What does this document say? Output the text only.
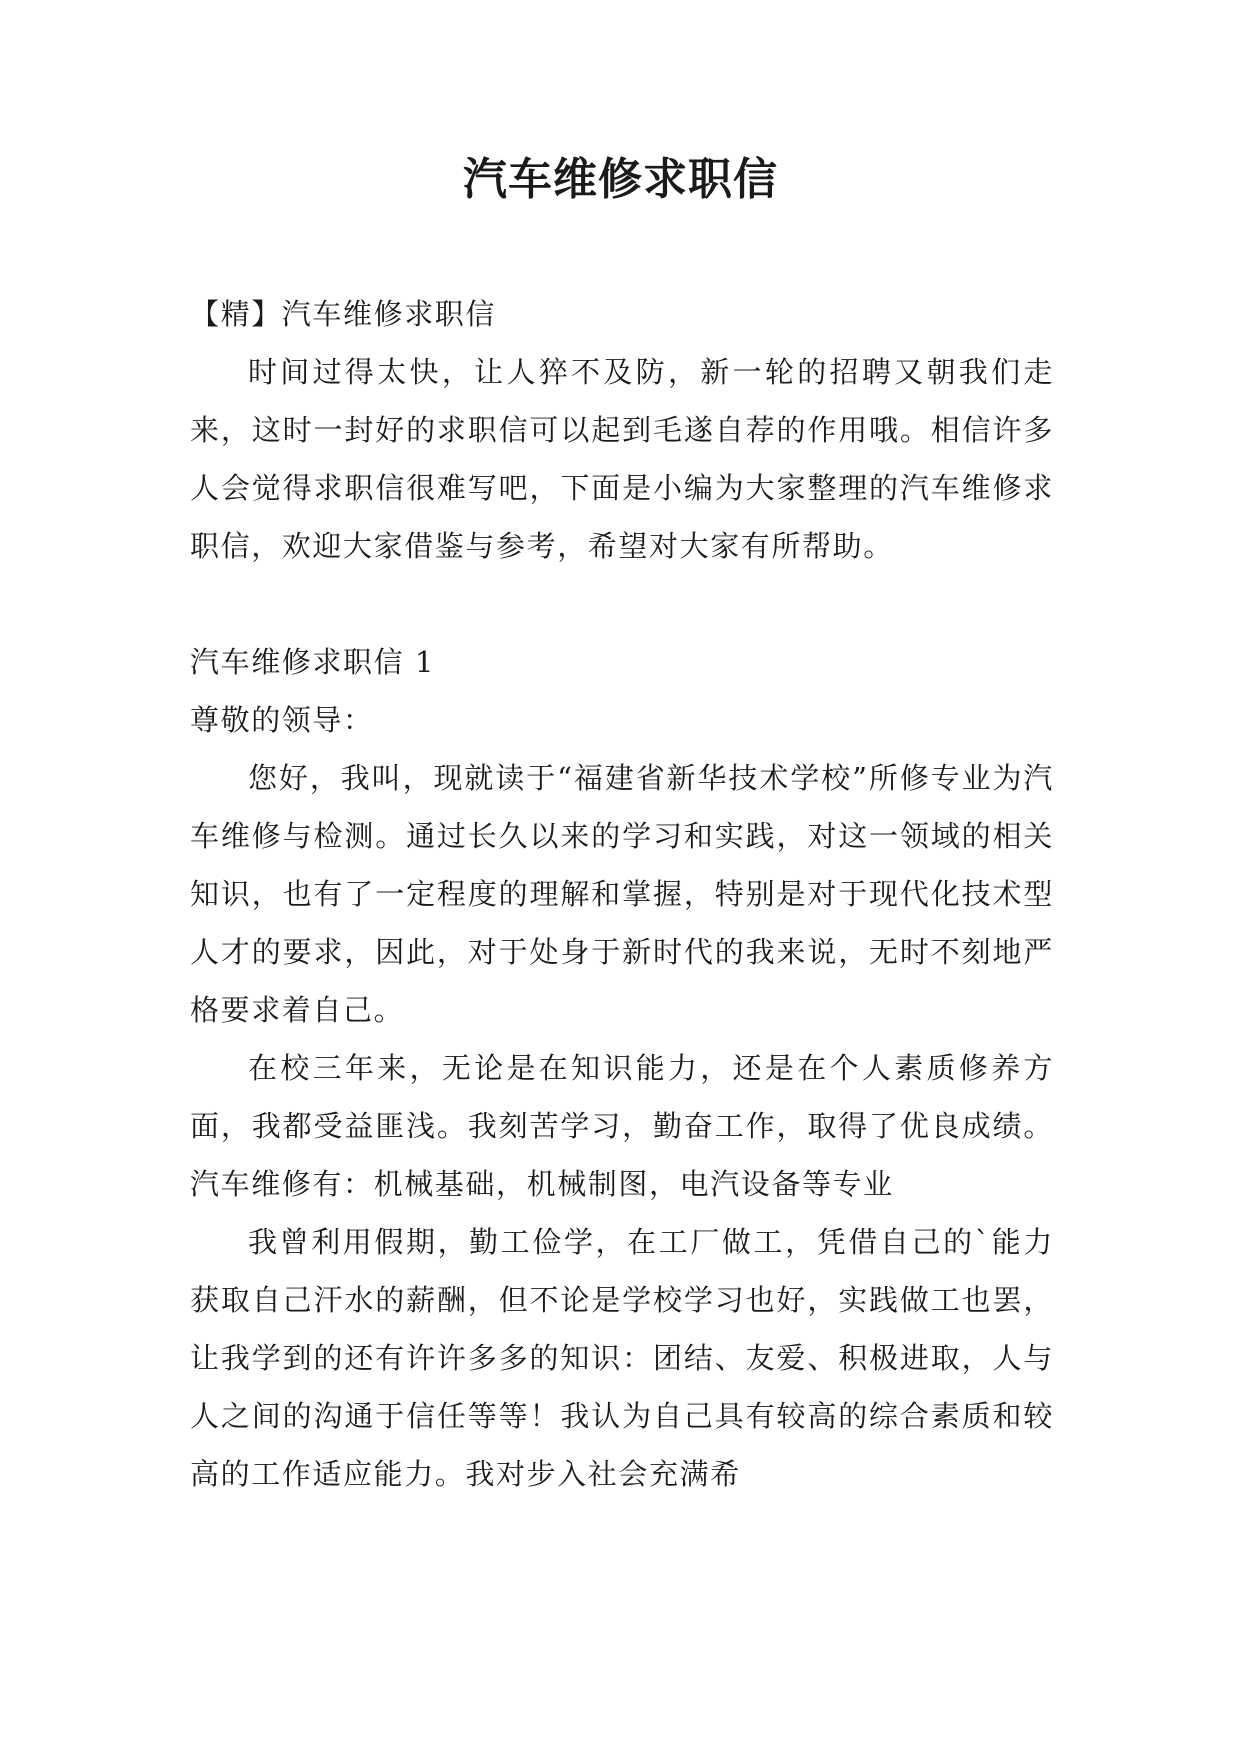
汽车维修求职信

【精】汽车维修求职信

时间过得太快，让人猝不及防，新一轮的招聘又朝我们走来，这时一封好的求职信可以起到毛遂自荐的作用哦。相信许多人会觉得求职信很难写吧，下面是小编为大家整理的汽车维修求职信，欢迎大家借鉴与参考，希望对大家有所帮助。

汽车维修求职信 1

尊敬的领导：

您好，我叫，现就读于“福建省新华技术学校”所修专业为汽车维修与检测。通过长久以来的学习和实践，对这一领域的相关知识，也有了一定程度的理解和掌握，特别是对于现代化技术型人才的要求，因此，对于处身于新时代的我来说，无时不刻地严格要求着自己。

在校三年来，无论是在知识能力，还是在个人素质修养方面，我都受益匪浅。我刻苦学习，勤奋工作，取得了优良成绩。汽车维修有：机械基础，机械制图，电汽设备等专业

我曾利用假期，勤工俭学，在工厂做工，凭借自己的`能力获取自己汗水的薪酬，但不论是学校学习也好，实践做工也罢，让我学到的还有许许多多的知识：团结、友爱、积极进取，人与人之间的沟通于信任等等！我认为自己具有较高的综合素质和较高的工作适应能力。我对步入社会充满希
